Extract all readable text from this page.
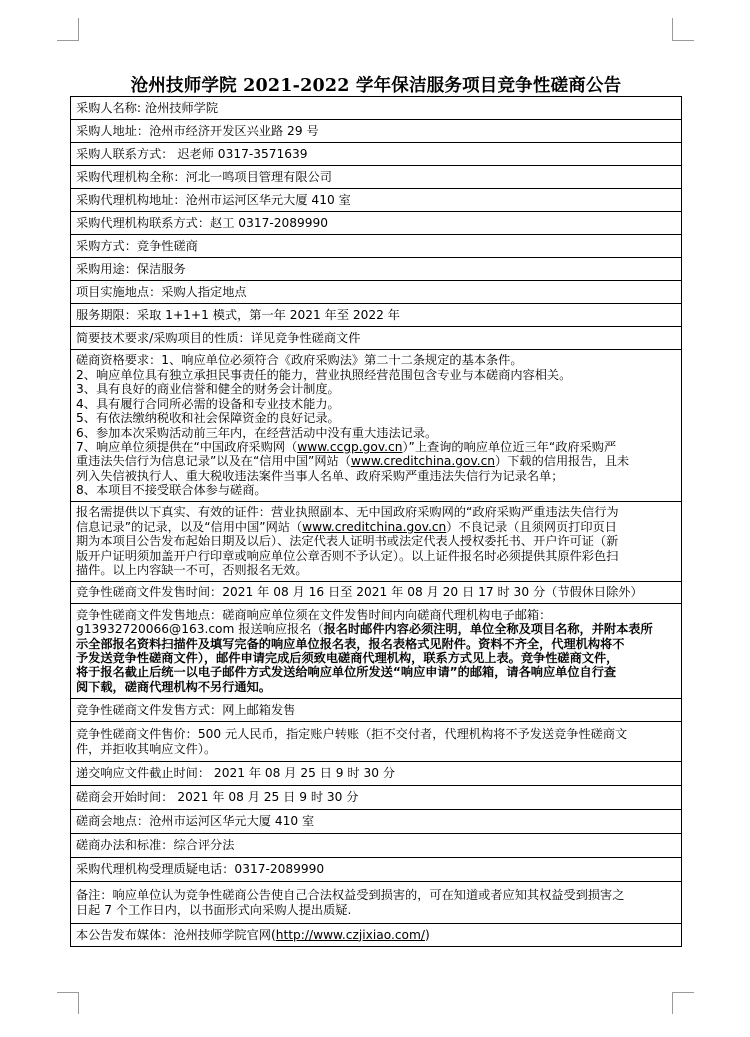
沧州技师学院 2021-2022 学年保洁服务项目竞争性磋商公告
采购人名称: 沧州技师学院
采购人地址：沧州市经济开发区兴业路 29 号
采购人联系方式： 迟老师 0317-3571639
采购代理机构全称：河北一鸣项目管理有限公司
采购代理机构地址：沧州市运河区华元大厦 410 室
采购代理机构联系方式：赵工 0317-2089990
采购方式：竞争性磋商
采购用途：保洁服务
项目实施地点：采购人指定地点
服务期限：采取 1+1+1 模式，第一年 2021 年至 2022 年
简要技术要求/采购项目的性质：详见竞争性磋商文件

磋商资格要求：1、响应单位必须符合《政府采购法》第二十二条规定的基本条件。
2、响应单位具有独立承担民事责任的能力，营业执照经营范围包含专业与本磋商内容相关。
3、具有良好的商业信誉和健全的财务会计制度。
4、具有履行合同所必需的设备和专业技术能力。
5、有依法缴纳税收和社会保障资金的良好记录。
6、参加本次采购活动前三年内，在经营活动中没有重大违法记录。
7、响应单位须提供在“中国政府采购网（www.ccgp.gov.cn）”上查询的响应单位近三年“政府采购严
重违法失信行为信息记录”以及在“信用中国”网站（www.creditchina.gov.cn）下载的信用报告，且未
列入失信被执行人、重大税收违法案件当事人名单、政府采购严重违法失信行为记录名单；
8、本项目不接受联合体参与磋商。

报名需提供以下真实、有效的证件：营业执照副本、无中国政府采购网的“政府采购严重违法失信行为
信息记录”的记录，以及“信用中国”网站（www.creditchina.gov.cn）不良记录（且须网页打印页日
期为本项目公告发布起始日期及以后）、法定代表人证明书或法定代表人授权委托书、开户许可证（新
版开户证明须加盖开户行印章或响应单位公章否则不予认定）。以上证件报名时必须提供其原件彩色扫
描件。以上内容缺一不可，否则报名无效。

竞争性磋商文件发售时间：2021 年 08 月 16 日至 2021 年 08 月 20 日 17 时 30 分（节假休日除外）

竞争性磋商文件发售地点：磋商响应单位须在文件发售时间内向磋商代理机构电子邮箱：
g13932720066@163.com 报送响应报名（报名时邮件内容必须注明，单位全称及项目名称，并附本表所
示全部报名资料扫描件及填写完备的响应单位报名表，报名表格式见附件。资料不齐全，代理机构将不
予发送竞争性磋商文件），邮件申请完成后须致电磋商代理机构，联系方式见上表。竞争性磋商文件，
将于报名截止后统一以电子邮件方式发送给响应单位所发送“响应申请”的邮箱，请各响应单位自行查
阅下载，磋商代理机构不另行通知。

竞争性磋商文件发售方式：网上邮箱发售

竞争性磋商文件售价：500 元人民币，指定账户转账（拒不交付者，代理机构将不予发送竞争性磋商文
件，并拒收其响应文件）。

递交响应文件截止时间： 2021 年 08 月 25 日 9 时 30 分
磋商会开始时间： 2021 年 08 月 25 日 9 时 30 分
磋商会地点：沧州市运河区华元大厦 410 室
磋商办法和标准：综合评分法
采购代理机构受理质疑电话：0317-2089990

备注：响应单位认为竞争性磋商公告使自己合法权益受到损害的，可在知道或者应知其权益受到损害之
日起 7 个工作日内，以书面形式向采购人提出质疑.

本公告发布媒体：沧州技师学院官网(http://www.czjixiao.com/)
